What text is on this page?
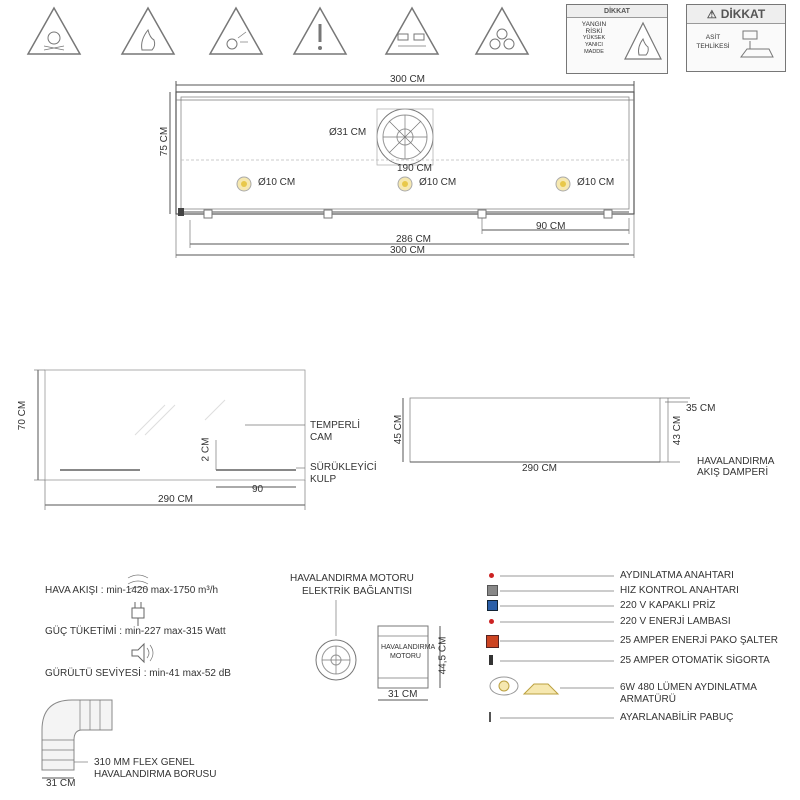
DİKKAT
YANGIN
RİSKİ
YÜKSEK
YANICI
MADDE
⚠ DİKKAT
ASİT
TEHLİKESİ
300 CM
75 CM	Ø31 CM
190 CM
Ø10 CM	Ø10 CM	Ø10 CM
90 CM
286 CM
300 CM
70 CM
2 CM
90
290 CM
TEMPERLİ
CAM
SÜRÜKLEYİCİ
KULP
45 CM
290 CM
35 CM
43 CM
HAVALANDIRMA
AKIŞ DAMPERİ
HAVA AKIŞI : min-1420 max-1750 m³/h
GÜÇ TÜKETİMİ : min-227 max-315 Watt
GÜRÜLTÜ SEVİYESİ : min-41 max-52 dB
31 CM
310 MM FLEX GENEL
HAVALANDIRMA BORUSU
HAVALANDIRMA MOTORU
ELEKTRİK BAĞLANTISI
HAVALANDIRMA
MOTORU 44,5 CM
31 CM
AYDINLATMA ANAHTARI
HIZ KONTROL ANAHTARI
220 V KAPAKLI PRİZ
220 V ENERJİ LAMBASI
25 AMPER ENERJİ PAKO ŞALTER
25 AMPER OTOMATİK SİGORTA
6W 480 LÜMEN AYDINLATMA
ARMATÜRÜ
AYARLANABİLİR PABUÇ
